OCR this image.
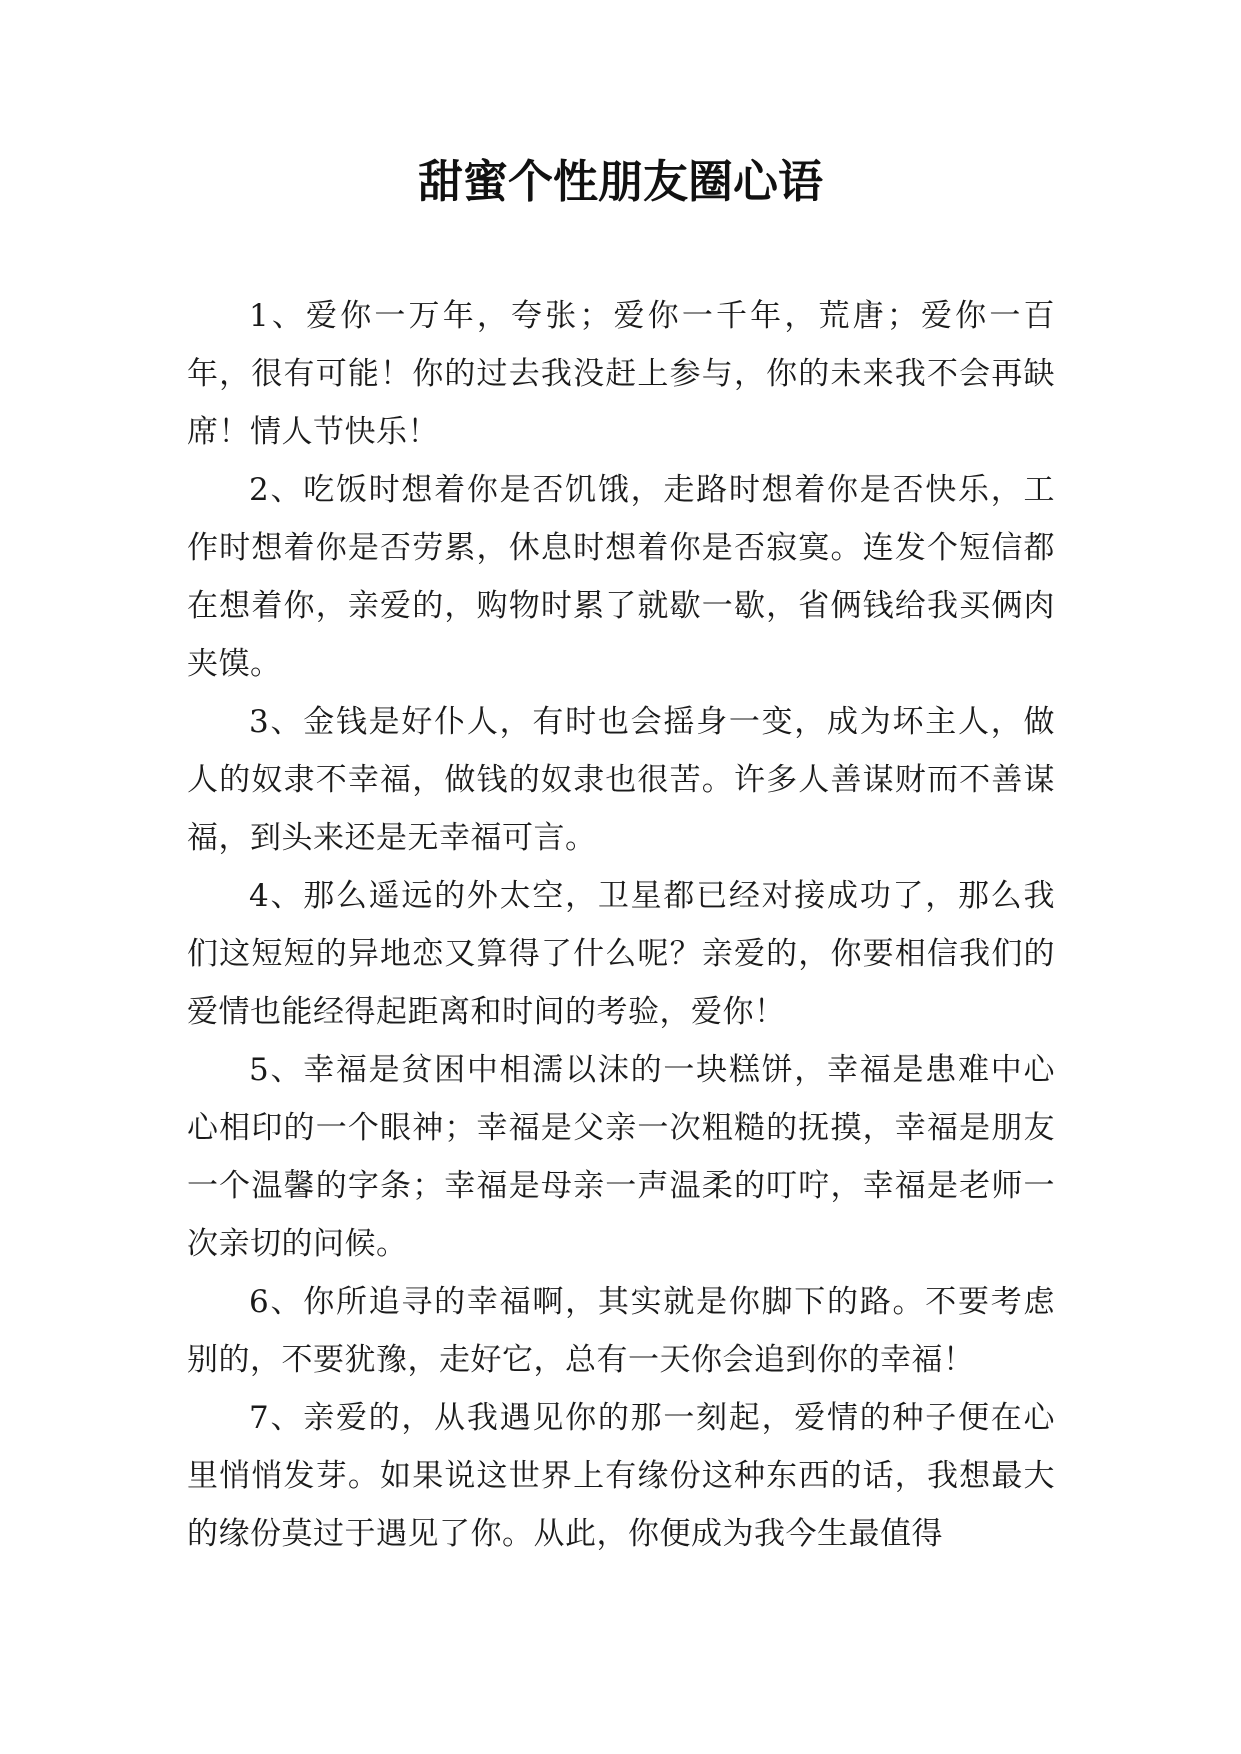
甜蜜个性朋友圈心语

1、爱你一万年，夸张；爱你一千年，荒唐；爱你一百年，很有可能！你的过去我没赶上参与，你的未来我不会再缺席！情人节快乐！

2、吃饭时想着你是否饥饿，走路时想着你是否快乐，工作时想着你是否劳累，休息时想着你是否寂寞。连发个短信都在想着你，亲爱的，购物时累了就歇一歇，省俩钱给我买俩肉夹馍。

3、金钱是好仆人，有时也会摇身一变，成为坏主人，做人的奴隶不幸福，做钱的奴隶也很苦。许多人善谋财而不善谋福，到头来还是无幸福可言。

4、那么遥远的外太空，卫星都已经对接成功了，那么我们这短短的异地恋又算得了什么呢？亲爱的，你要相信我们的爱情也能经得起距离和时间的考验，爱你！

5、幸福是贫困中相濡以沫的一块糕饼，幸福是患难中心心相印的一个眼神；幸福是父亲一次粗糙的抚摸，幸福是朋友一个温馨的字条；幸福是母亲一声温柔的叮咛，幸福是老师一次亲切的问候。

6、你所追寻的幸福啊，其实就是你脚下的路。不要考虑别的，不要犹豫，走好它，总有一天你会追到你的幸福！

7、亲爱的，从我遇见你的那一刻起，爱情的种子便在心里悄悄发芽。如果说这世界上有缘份这种东西的话，我想最大的缘份莫过于遇见了你。从此，你便成为我今生最值得
